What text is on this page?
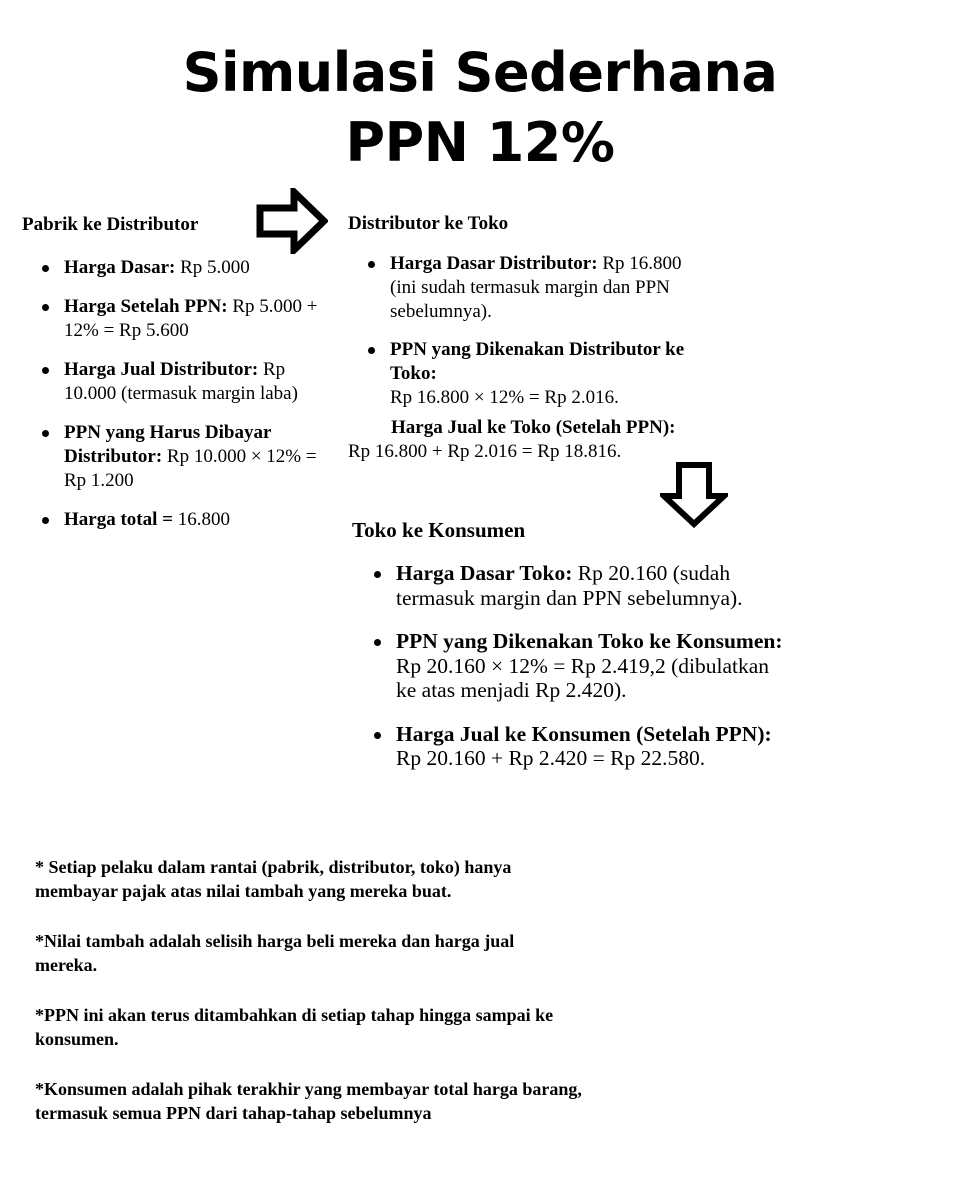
Simulasi Sederhana
PPN 12%
Pabrik ke Distributor
Harga Dasar: Rp 5.000
Harga Setelah PPN: Rp 5.000 + 12% = Rp 5.600
Harga Jual Distributor: Rp 10.000 (termasuk margin laba)
PPN yang Harus Dibayar Distributor: Rp 10.000 × 12% = Rp 1.200
Harga total = 16.800
Distributor ke Toko
Harga Dasar Distributor: Rp 16.800 (ini sudah termasuk margin dan PPN sebelumnya).
PPN yang Dikenakan Distributor ke Toko:
Rp 16.800 × 12% = Rp 2.016.

Harga Jual ke Toko (Setelah PPN):
Rp 16.800 + Rp 2.016 = Rp 18.816.

Toko ke Konsumen
Harga Dasar Toko: Rp 20.160 (sudah termasuk margin dan PPN sebelumnya).
PPN yang Dikenakan Toko ke Konsumen:
Rp 20.160 × 12% = Rp 2.419,2 (dibulatkan ke atas menjadi Rp 2.420).
Harga Jual ke Konsumen (Setelah PPN):
Rp 20.160 + Rp 2.420 = Rp 22.580.

* Setiap pelaku dalam rantai (pabrik, distributor, toko) hanya membayar pajak atas nilai tambah yang mereka buat.

*Nilai tambah adalah selisih harga beli mereka dan harga jual mereka.

*PPN ini akan terus ditambahkan di setiap tahap hingga sampai ke konsumen.

*Konsumen adalah pihak terakhir yang membayar total harga barang, termasuk semua PPN dari tahap-tahap sebelumnya
